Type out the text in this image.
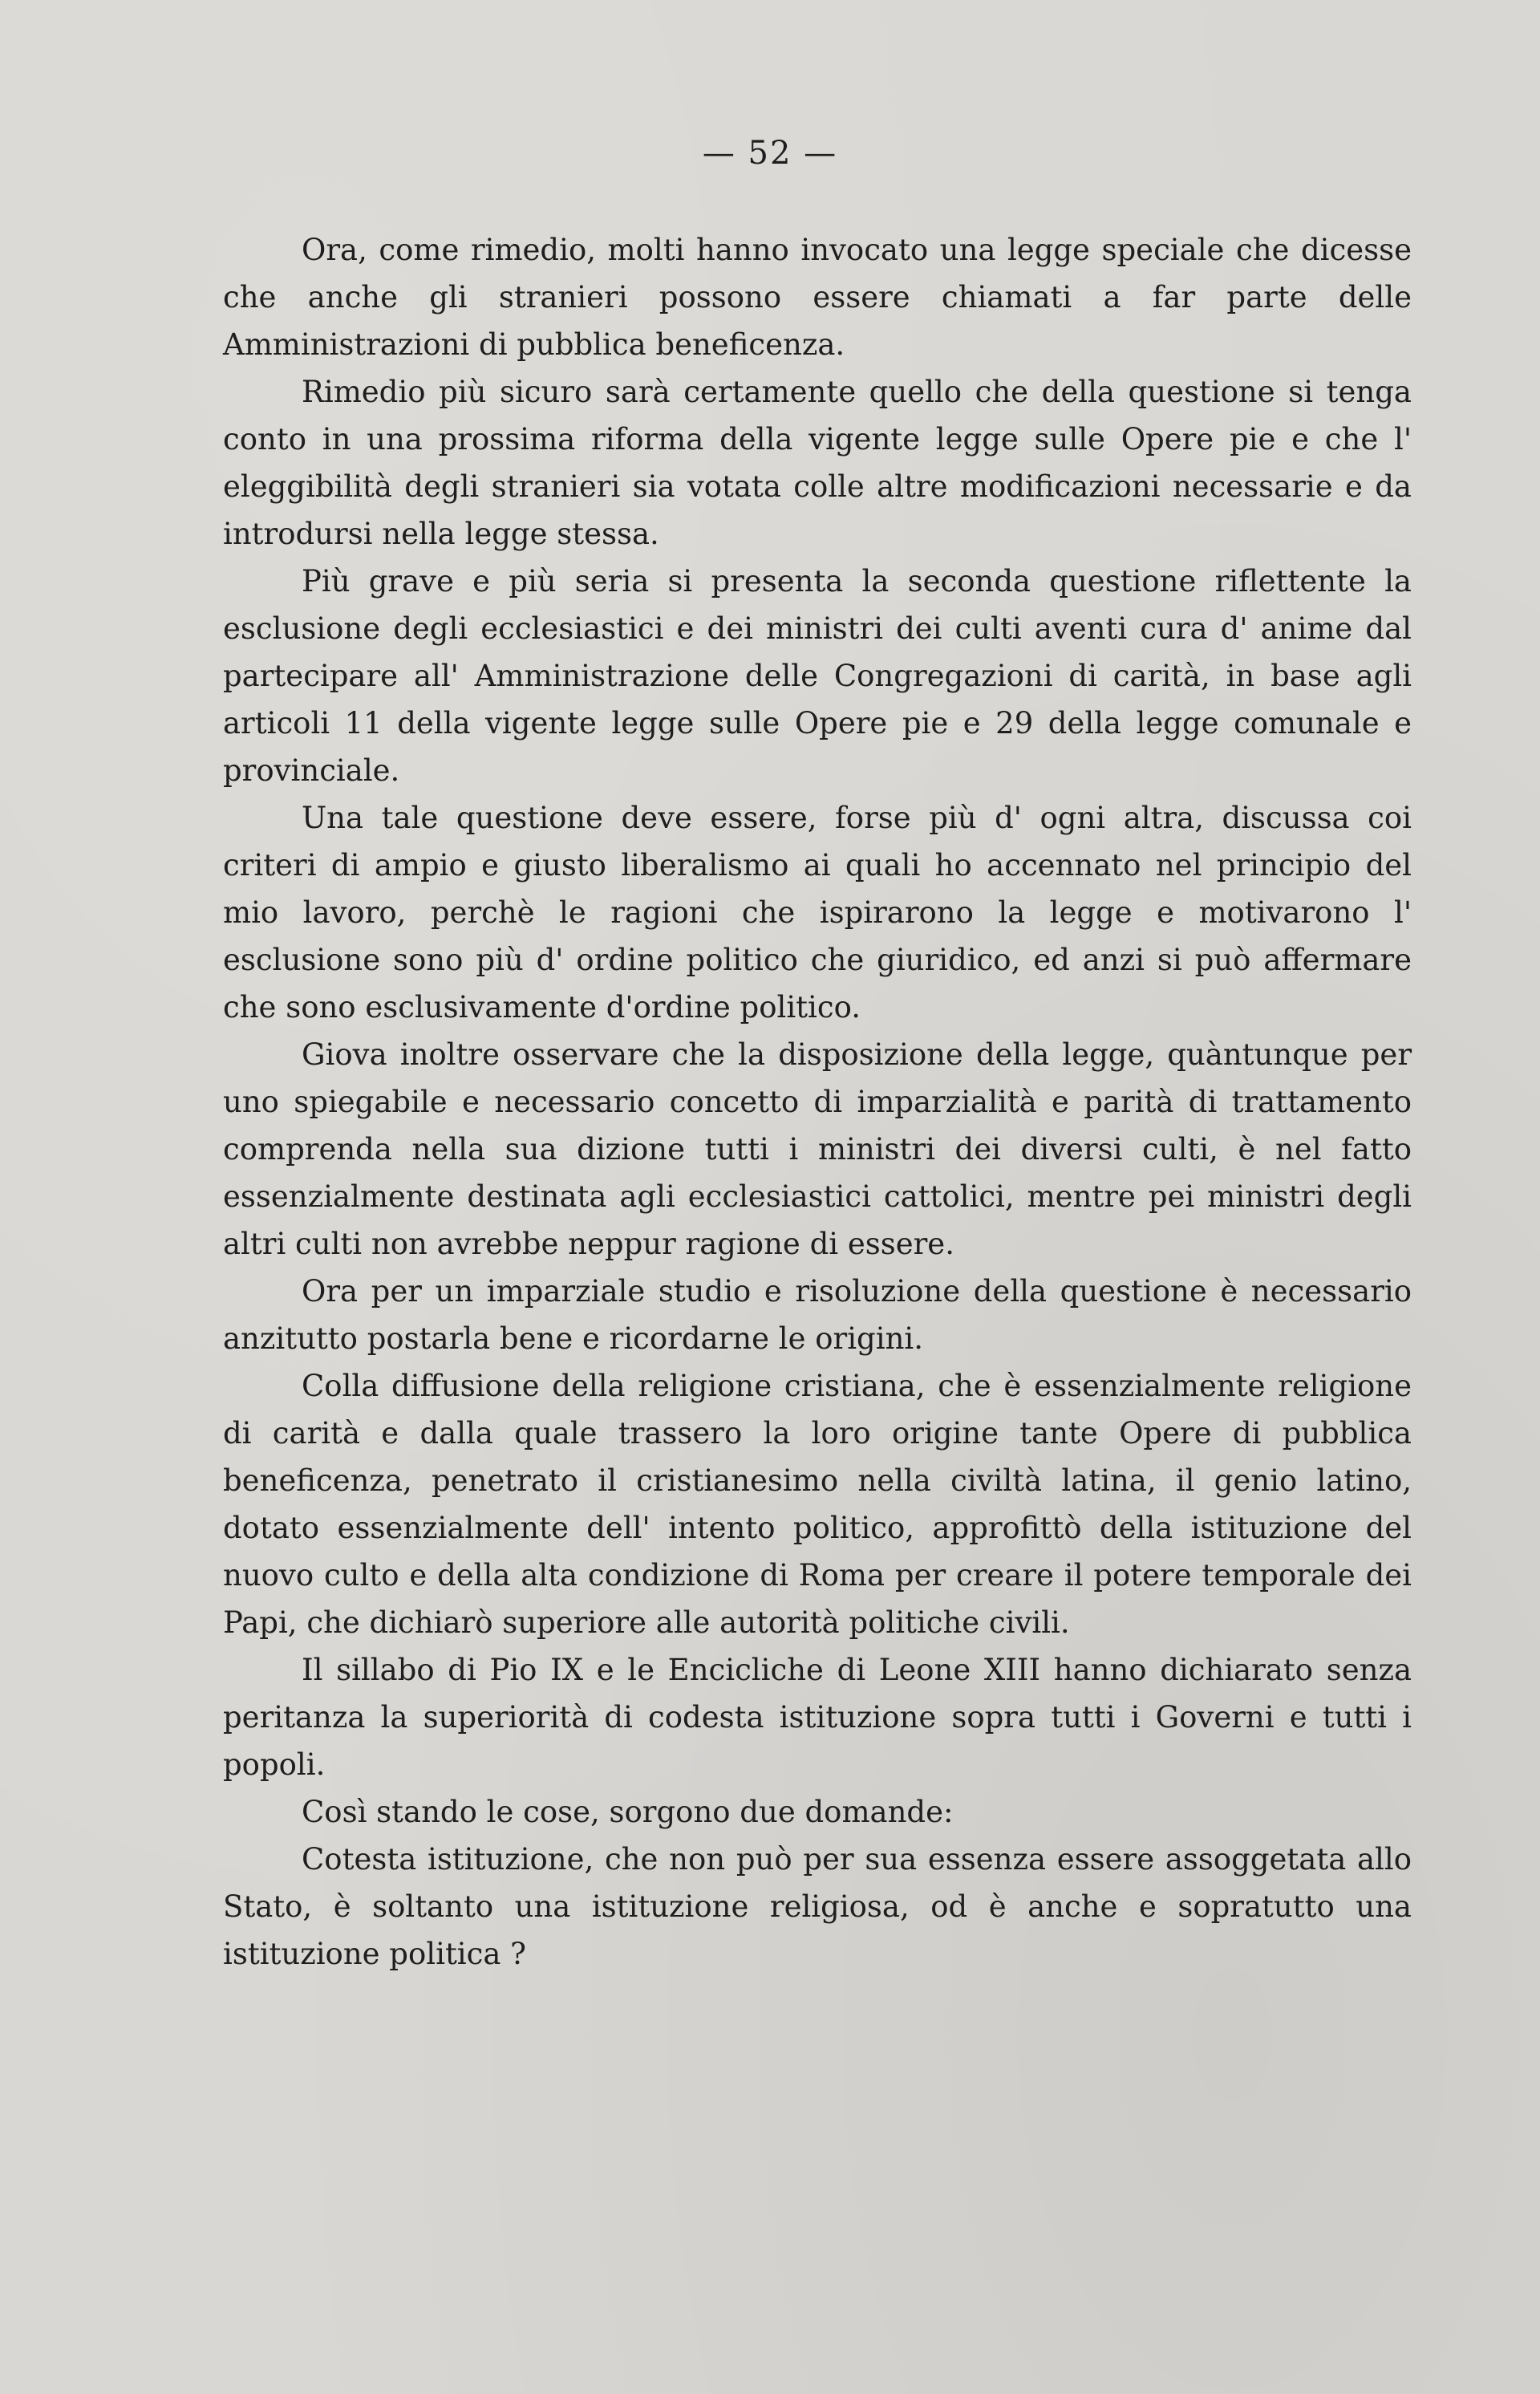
— 52 —

Ora, come rimedio, molti hanno invocato una legge speciale che dicesse che anche gli stranieri possono essere chiamati a far parte delle Amministrazioni di pubblica beneficenza.

Rimedio più sicuro sarà certamente quello che della questione si tenga conto in una prossima riforma della vigente legge sulle Opere pie e che l' eleggibilità degli stranieri sia votata colle altre modificazioni necessarie e da introdursi nella legge stessa.

Più grave e più seria si presenta la seconda questione riflettente la esclusione degli ecclesiastici e dei ministri dei culti aventi cura d' anime dal partecipare all' Amministrazione delle Congregazioni di carità, in base agli articoli 11 della vigente legge sulle Opere pie e 29 della legge comunale e provinciale.

Una tale questione deve essere, forse più d' ogni altra, discussa coi criteri di ampio e giusto liberalismo ai quali ho accennato nel principio del mio lavoro, perchè le ragioni che ispirarono la legge e motivarono l' esclusione sono più d' ordine politico che giuridico, ed anzi si può affermare che sono esclusivamente d'ordine politico.

Giova inoltre osservare che la disposizione della legge, quàntunque per uno spiegabile e necessario concetto di imparzialità e parità di trattamento comprenda nella sua dizione tutti i ministri dei diversi culti, è nel fatto essenzialmente destinata agli ecclesiastici cattolici, mentre pei ministri degli altri culti non avrebbe neppur ragione di essere.

Ora per un imparziale studio e risoluzione della questione è necessario anzitutto postarla bene e ricordarne le origini.

Colla diffusione della religione cristiana, che è essenzialmente religione di carità e dalla quale trassero la loro origine tante Opere di pubblica beneficenza, penetrato il cristianesimo nella civiltà latina, il genio latino, dotato essenzialmente dell' intento politico, approfittò della istituzione del nuovo culto e della alta condizione di Roma per creare il potere temporale dei Papi, che dichiarò superiore alle autorità politiche civili.

Il sillabo di Pio IX e le Encicliche di Leone XIII hanno dichiarato senza peritanza la superiorità di codesta istituzione sopra tutti i Governi e tutti i popoli.

Così stando le cose, sorgono due domande:

Cotesta istituzione, che non può per sua essenza essere assoggetata allo Stato, è soltanto una istituzione religiosa, od è anche e sopratutto una istituzione politica ?
